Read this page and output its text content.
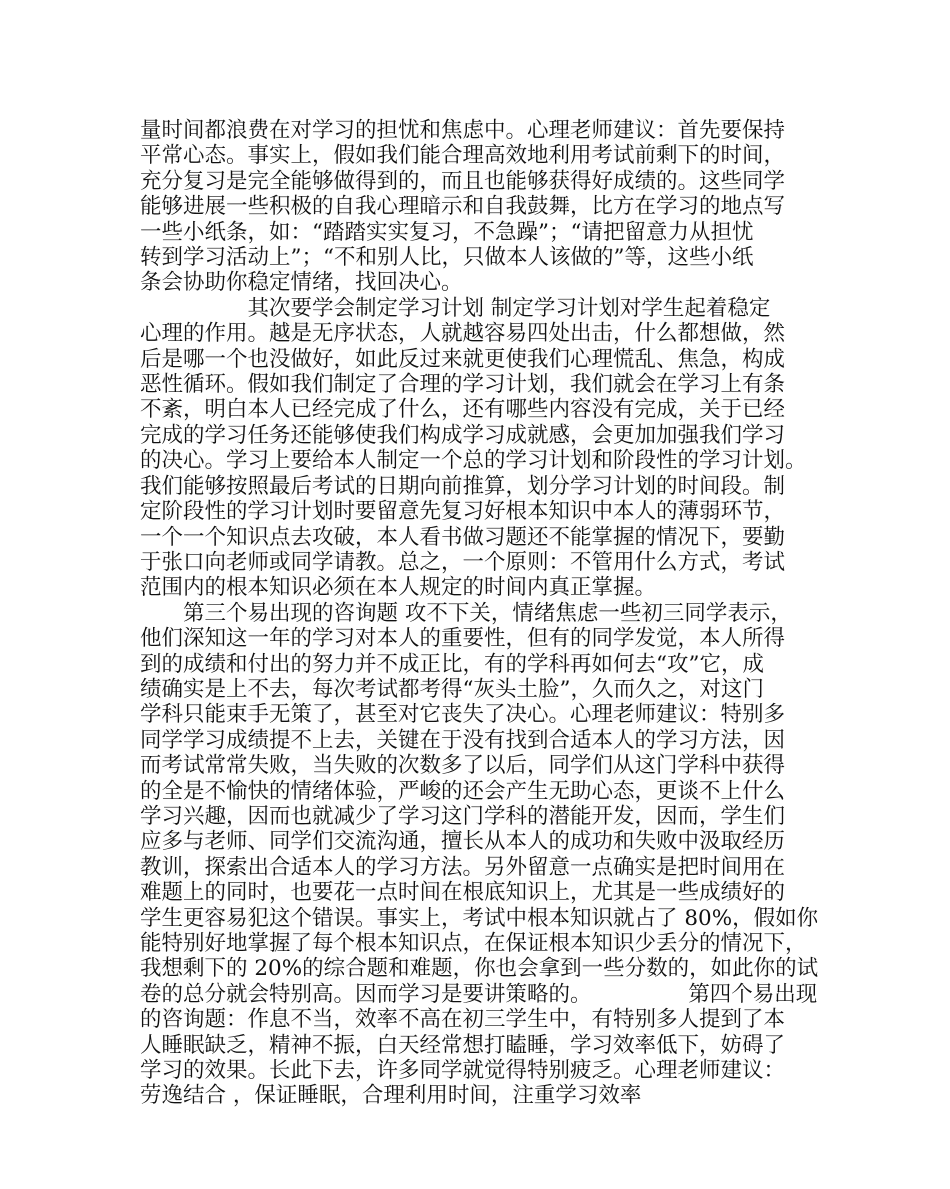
量时间都浪费在对学习的担忧和焦虑中。心理老师建议：首先要保持
平常心态。事实上，假如我们能合理高效地利用考试前剩下的时间，
充分复习是完全能够做得到的，而且也能够获得好成绩的。这些同学
能够进展一些积极的自我心理暗示和自我鼓舞，比方在学习的地点写
一些小纸条，如：“踏踏实实复习，不急躁”；“请把留意力从担忧
转到学习活动上”；“不和别人比，只做本人该做的”等，这些小纸
条会协助你稳定情绪，找回决心。
　　　　　其次要学会制定学习计划 制定学习计划对学生起着稳定
心理的作用。越是无序状态，人就越容易四处出击，什么都想做，然
后是哪一个也没做好，如此反过来就更使我们心理慌乱、焦急，构成
恶性循环。假如我们制定了合理的学习计划，我们就会在学习上有条
不紊，明白本人已经完成了什么，还有哪些内容没有完成，关于已经
完成的学习任务还能够使我们构成学习成就感，会更加加强我们学习
的决心。学习上要给本人制定一个总的学习计划和阶段性的学习计划。
我们能够按照最后考试的日期向前推算，划分学习计划的时间段。制
定阶段性的学习计划时要留意先复习好根本知识中本人的薄弱环节，
一个一个知识点去攻破，本人看书做习题还不能掌握的情况下，要勤
于张口向老师或同学请教。总之，一个原则：不管用什么方式，考试
范围内的根本知识必须在本人规定的时间内真正掌握。
　　第三个易出现的咨询题 攻不下关，情绪焦虑一些初三同学表示，
他们深知这一年的学习对本人的重要性，但有的同学发觉，本人所得
到的成绩和付出的努力并不成正比，有的学科再如何去“攻”它，成
绩确实是上不去，每次考试都考得“灰头土脸”，久而久之，对这门
学科只能束手无策了，甚至对它丧失了决心。心理老师建议：特别多
同学学习成绩提不上去，关键在于没有找到合适本人的学习方法，因
而考试常常失败，当失败的次数多了以后，同学们从这门学科中获得
的全是不愉快的情绪体验，严峻的还会产生无助心态，更谈不上什么
学习兴趣，因而也就减少了学习这门学科的潜能开发，因而，学生们
应多与老师、同学们交流沟通，擅长从本人的成功和失败中汲取经历
教训，探索出合适本人的学习方法。另外留意一点确实是把时间用在
难题上的同时，也要花一点时间在根底知识上，尤其是一些成绩好的
学生更容易犯这个错误。事实上，考试中根本知识就占了 80%，假如你
能特别好地掌握了每个根本知识点，在保证根本知识少丢分的情况下，
我想剩下的 20%的综合题和难题，你也会拿到一些分数的，如此你的试
卷的总分就会特别高。因而学习是要讲策略的。　　　　　第四个易出现
的咨询题：作息不当，效率不高在初三学生中，有特别多人提到了本
人睡眠缺乏，精神不振，白天经常想打瞌睡，学习效率低下，妨碍了
学习的效果。长此下去，许多同学就觉得特别疲乏。心理老师建议：
劳逸结合 ，保证睡眠，合理利用时间，注重学习效率
